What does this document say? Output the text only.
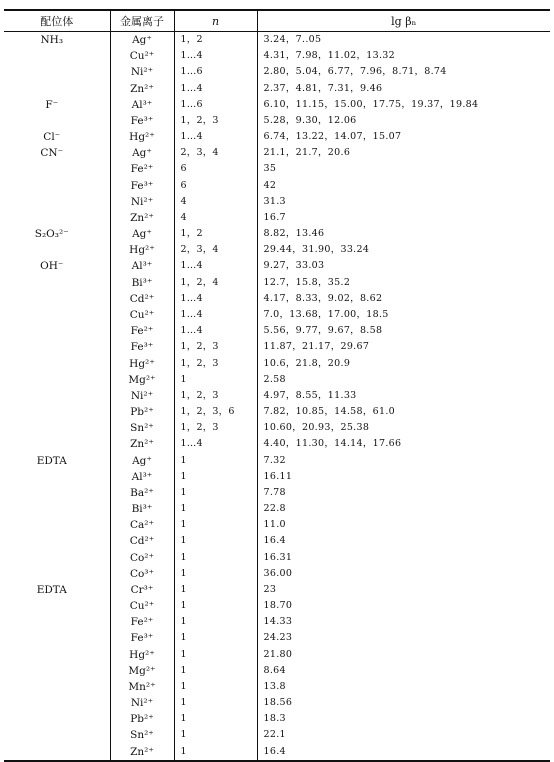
配位体	金属离子	n	lg βₙ
NH₃	Ag⁺	1，2	3.24，7..05
	Cu²⁺	1…4	4.31，7.98，11.02，13.32
	Ni²⁺	1…6	2.80，5.04，6.77，7.96，8.71，8.74
	Zn²⁺	1…4	2.37，4.81，7.31，9.46
F⁻	Al³⁺	1…6	6.10，11.15，15.00，17.75，19.37，19.84
	Fe³⁺	1，2，3	5.28，9.30，12.06
Cl⁻	Hg²⁺	1…4	6.74，13.22，14.07，15.07
CN⁻	Ag⁺	2，3，4	21.1，21.7，20.6
	Fe²⁺	6	35
	Fe³⁺	6	42
	Ni²⁺	4	31.3
	Zn²⁺	4	16.7
S₂O₃²⁻	Ag⁺	1，2	8.82，13.46
	Hg²⁺	2，3，4	29.44，31.90，33.24
OH⁻	Al³⁺	1…4	9.27，33.03
	Bi³⁺	1，2，4	12.7，15.8，35.2
	Cd²⁺	1…4	4.17，8.33，9.02，8.62
	Cu²⁺	1…4	7.0，13.68，17.00，18.5
	Fe²⁺	1…4	5.56，9.77，9.67，8.58
	Fe³⁺	1，2，3	11.87，21.17，29.67
	Hg²⁺	1，2，3	10.6，21.8，20.9
	Mg²⁺	1	2.58
	Ni²⁺	1，2，3	4.97，8.55，11.33
	Pb²⁺	1，2，3，6	7.82，10.85，14.58，61.0
	Sn²⁺	1，2，3	10.60，20.93，25.38
	Zn²⁺	1…4	4.40，11.30，14.14，17.66
EDTA	Ag⁺	1	7.32
	Al³⁺	1	16.11
	Ba²⁺	1	7.78
	Bi³⁺	1	22.8
	Ca²⁺	1	11.0
	Cd²⁺	1	16.4
	Co²⁺	1	16.31
	Co³⁺	1	36.00
EDTA	Cr³⁺	1	23
	Cu²⁺	1	18.70
	Fe²⁺	1	14.33
	Fe³⁺	1	24.23
	Hg²⁺	1	21.80
	Mg²⁺	1	8.64
	Mn²⁺	1	13.8
	Ni²⁺	1	18.56
	Pb²⁺	1	18.3
	Sn²⁺	1	22.1
	Zn²⁺	1	16.4
